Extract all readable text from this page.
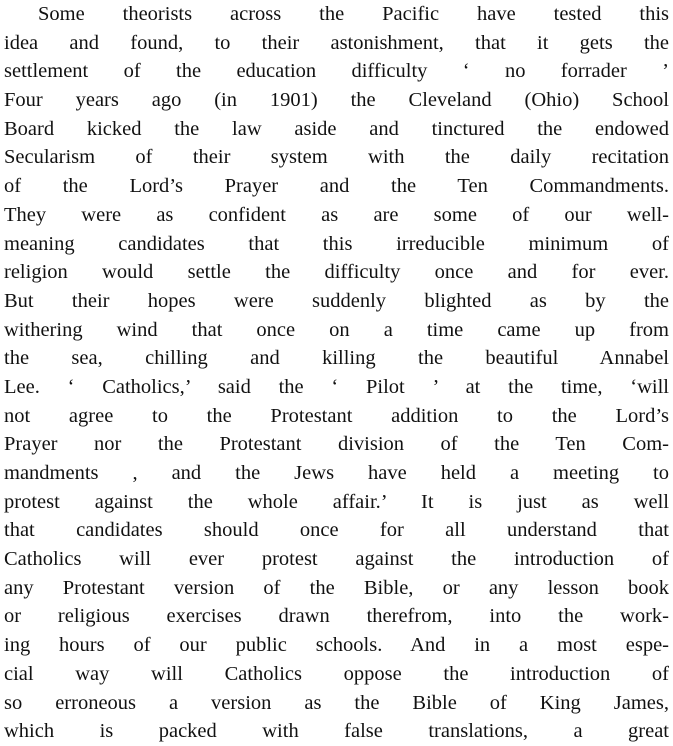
Some theorists across the Pacific have tested this
idea and found, to their astonishment, that it gets the
settlement of the education difficulty ‘ no forrader ’
Four years ago (in 1901) the Cleveland (Ohio) School
Board kicked the law aside and tinctured the endowed
Secularism of their system with the daily recitation
of the Lord’s Prayer and the Ten Commandments.
They were as confident as are some of our well-
meaning candidates that this irreducible minimum of
religion would settle the difficulty once and for ever.
But their hopes were suddenly blighted as by the
withering wind that once on a time came up from
the sea, chilling and killing the beautiful Annabel
Lee. ‘ Catholics,’ said the ‘ Pilot ’ at the time, ‘will
not agree to the Protestant addition to the Lord’s
Prayer nor the Protestant division of the Ten Com-
mandments , and the Jews have held a meeting to
protest against the whole affair.’ It is just as well
that candidates should once for all understand that
Catholics will ever protest against the introduction of
any Protestant version of the Bible, or any lesson book
or religious exercises drawn therefrom, into the work-
ing hours of our public schools. And in a most espe-
cial way will Catholics oppose the introduction of
so erroneous a version as the Bible of King James,
which is packed with false translations, a great
